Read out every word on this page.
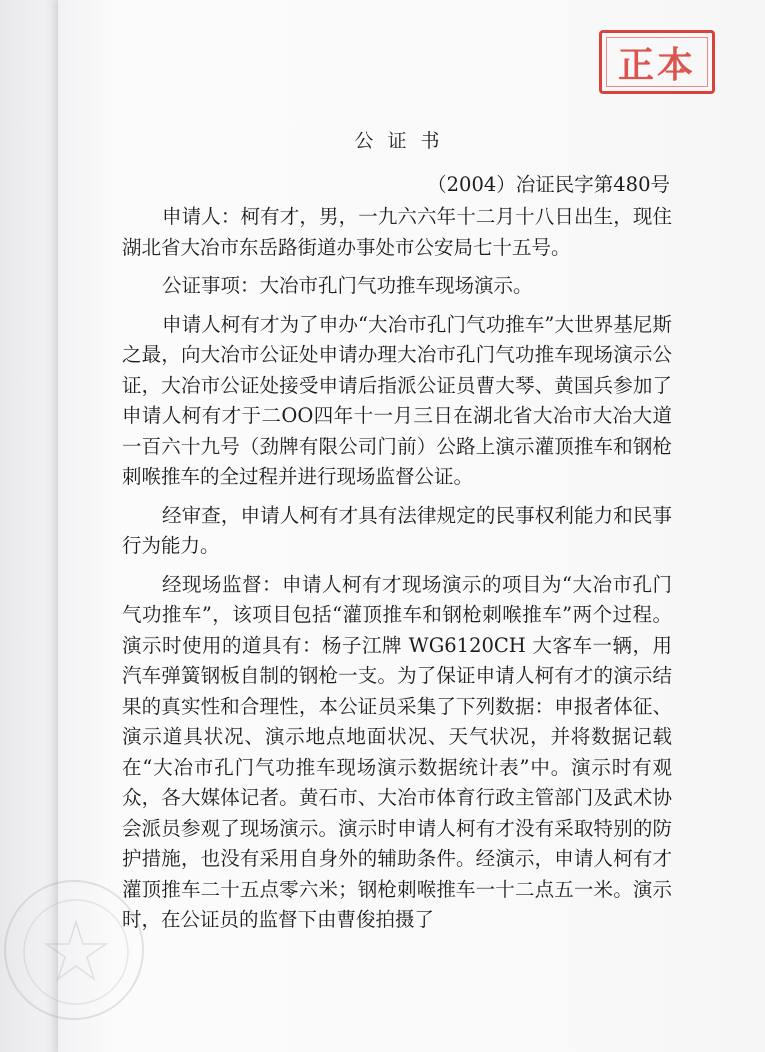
正本
公证书
（2004）冶证民字第480号

申请人：柯有才，男，一九六六年十二月十八日出生，现住湖北省大冶市东岳路街道办事处市公安局七十五号。

公证事项：大冶市孔门气功推车现场演示。

申请人柯有才为了申办“大冶市孔门气功推车”大世界基尼斯之最，向大冶市公证处申请办理大冶市孔门气功推车现场演示公证，大冶市公证处接受申请后指派公证员曹大琴、黄国兵参加了申请人柯有才于二OO四年十一月三日在湖北省大冶市大冶大道一百六十九号（劲牌有限公司门前）公路上演示灌顶推车和钢枪刺喉推车的全过程并进行现场监督公证。

经审查，申请人柯有才具有法律规定的民事权利能力和民事行为能力。

经现场监督：申请人柯有才现场演示的项目为“大冶市孔门气功推车”，该项目包括“灌顶推车和钢枪刺喉推车”两个过程。演示时使用的道具有：杨子江牌 WG6120CH 大客车一辆，用汽车弹簧钢板自制的钢枪一支。为了保证申请人柯有才的演示结果的真实性和合理性，本公证员采集了下列数据：申报者体征、演示道具状况、演示地点地面状况、天气状况，并将数据记载在“大冶市孔门气功推车现场演示数据统计表”中。演示时有观众，各大媒体记者。黄石市、大冶市体育行政主管部门及武术协会派员参观了现场演示。演示时申请人柯有才没有采取特别的防护措施，也没有采用自身外的辅助条件。经演示，申请人柯有才灌顶推车二十五点零六米；钢枪刺喉推车一十二点五一米。演示时，在公证员的监督下由曹俊拍摄了
